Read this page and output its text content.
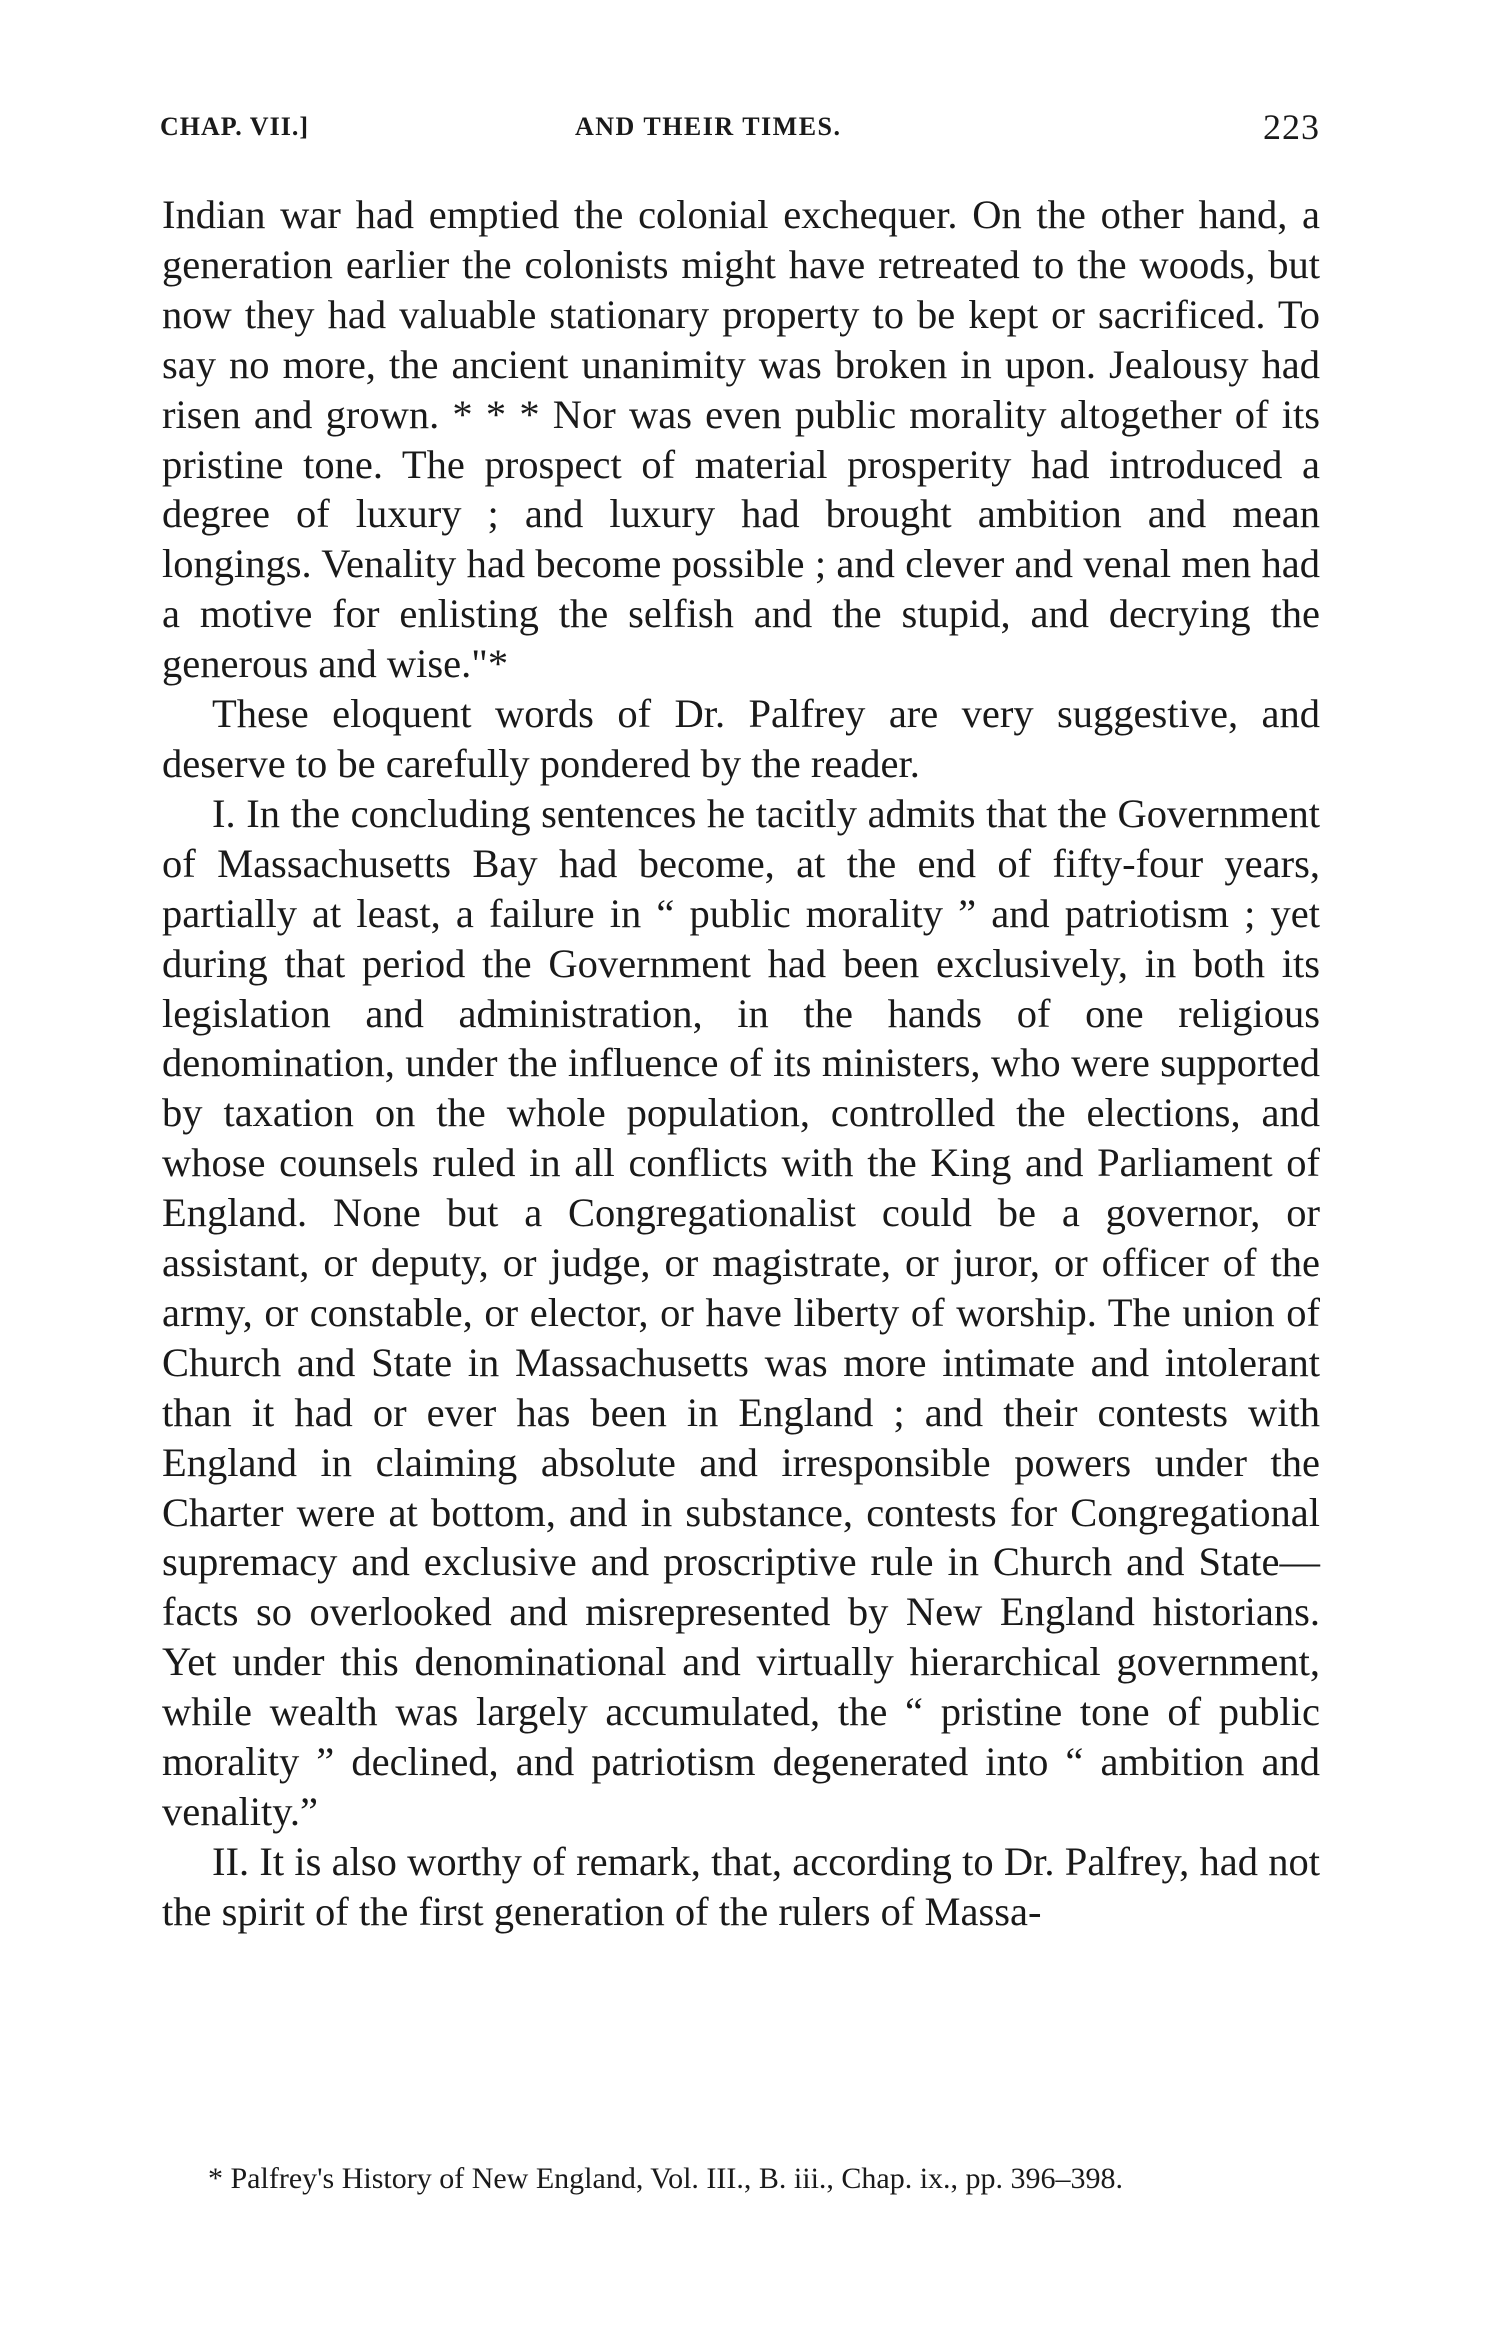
CHAP. VII.]	AND THEIR TIMES.	223

Indian war had emptied the colonial exchequer. On the other hand, a generation earlier the colonists might have retreated to the woods, but now they had valuable stationary property to be kept or sacrificed. To say no more, the ancient unanimity was broken in upon. Jealousy had risen and grown. * * * Nor was even public morality altogether of its pristine tone. The prospect of material prosperity had introduced a degree of luxury ; and luxury had brought ambition and mean longings. Venality had become possible ; and clever and venal men had a motive for enlisting the selfish and the stupid, and decrying the generous and wise."*

These eloquent words of Dr. Palfrey are very suggestive, and deserve to be carefully pondered by the reader.

I. In the concluding sentences he tacitly admits that the Government of Massachusetts Bay had become, at the end of fifty-four years, partially at least, a failure in “ public morality ” and patriotism ; yet during that period the Government had been exclusively, in both its legislation and administration, in the hands of one religious denomination, under the influence of its ministers, who were supported by taxation on the whole population, controlled the elections, and whose counsels ruled in all conflicts with the King and Parliament of England. None but a Congregationalist could be a governor, or assistant, or deputy, or judge, or magistrate, or juror, or officer of the army, or constable, or elector, or have liberty of worship. The union of Church and State in Massachusetts was more intimate and intolerant than it had or ever has been in England ; and their contests with England in claiming absolute and irresponsible powers under the Charter were at bottom, and in substance, contests for Congregational supremacy and exclusive and proscriptive rule in Church and State—facts so overlooked and misrepresented by New England historians. Yet under this denominational and virtually hierarchical government, while wealth was largely accumulated, the “ pristine tone of public morality ” declined, and patriotism degenerated into “ ambition and venality.”

II. It is also worthy of remark, that, according to Dr. Palfrey, had not the spirit of the first generation of the rulers of Massa-

* Palfrey's History of New England, Vol. III., B. iii., Chap. ix., pp. 396–398.
